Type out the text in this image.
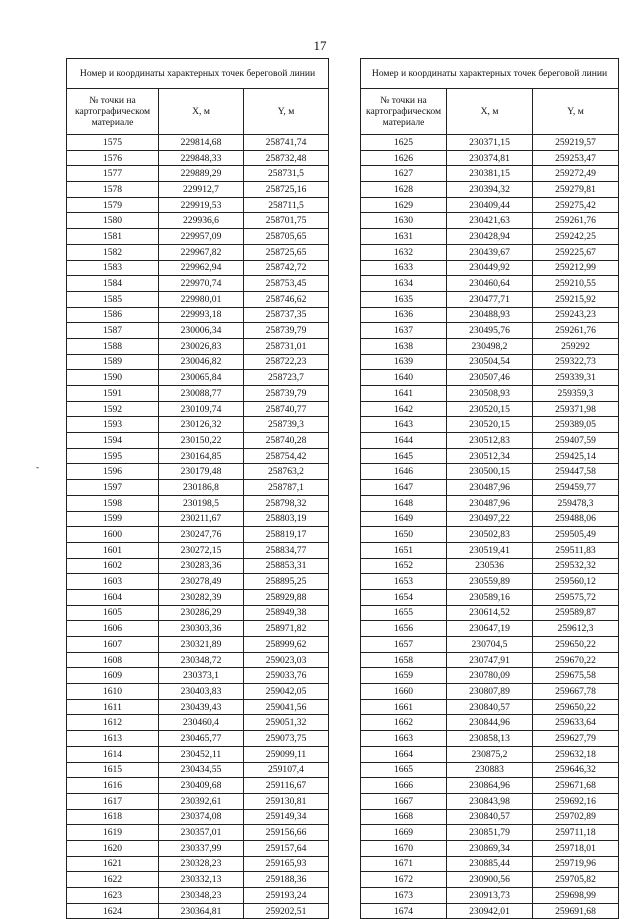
17
-
Номер и координаты характерных точек береговой линии		
№ точки на картографическом материале	X, м	Y, м
1575	229814,68	258741,74
1576	229848,33	258732,48
1577	229889,29	258731,5
1578	229912,7	258725,16
1579	229919,53	258711,5
1580	229936,6	258701,75
1581	229957,09	258705,65
1582	229967,82	258725,65
1583	229962,94	258742,72
1584	229970,74	258753,45
1585	229980,01	258746,62
1586	229993,18	258737,35
1587	230006,34	258739,79
1588	230026,83	258731,01
1589	230046,82	258722,23
1590	230065,84	258723,7
1591	230088,77	258739,79
1592	230109,74	258740,77
1593	230126,32	258739,3
1594	230150,22	258740,28
1595	230164,85	258754,42
1596	230179,48	258763,2
1597	230186,8	258787,1
1598	230198,5	258798,32
1599	230211,67	258803,19
1600	230247,76	258819,17
1601	230272,15	258834,77
1602	230283,36	258853,31
1603	230278,49	258895,25
1604	230282,39	258929,88
1605	230286,29	258949,38
1606	230303,36	258971,82
1607	230321,89	258999,62
1608	230348,72	259023,03
1609	230373,1	259033,76
1610	230403,83	259042,05
1611	230439,43	259041,56
1612	230460,4	259051,32
1613	230465,77	259073,75
1614	230452,11	259099,11
1615	230434,55	259107,4
1616	230409,68	259116,67
1617	230392,61	259130,81
1618	230374,08	259149,34
1619	230357,01	259156,66
1620	230337,99	259157,64
1621	230328,23	259165,93
1622	230332,13	259188,36
1623	230348,23	259193,24
1624	230364,81	259202,51
Номер и координаты характерных точек береговой линии		
№ точки на картографическом материале	X, м	Y, м
1625	230371,15	259219,57
1626	230374,81	259253,47
1627	230381,15	259272,49
1628	230394,32	259279,81
1629	230409,44	259275,42
1630	230421,63	259261,76
1631	230428,94	259242,25
1632	230439,67	259225,67
1633	230449,92	259212,99
1634	230460,64	259210,55
1635	230477,71	259215,92
1636	230488,93	259243,23
1637	230495,76	259261,76
1638	230498,2	259292
1639	230504,54	259322,73
1640	230507,46	259339,31
1641	230508,93	259359,3
1642	230520,15	259371,98
1643	230520,15	259389,05
1644	230512,83	259407,59
1645	230512,34	259425,14
1646	230500,15	259447,58
1647	230487,96	259459,77
1648	230487,96	259478,3
1649	230497,22	259488,06
1650	230502,83	259505,49
1651	230519,41	259511,83
1652	230536	259532,32
1653	230559,89	259560,12
1654	230589,16	259575,72
1655	230614,52	259589,87
1656	230647,19	259612,3
1657	230704,5	259650,22
1658	230747,91	259670,22
1659	230780,09	259675,58
1660	230807,89	259667,78
1661	230840,57	259650,22
1662	230844,96	259633,64
1663	230858,13	259627,79
1664	230875,2	259632,18
1665	230883	259646,32
1666	230864,96	259671,68
1667	230843,98	259692,16
1668	230840,57	259702,89
1669	230851,79	259711,18
1670	230869,34	259718,01
1671	230885,44	259719,96
1672	230900,56	259705,82
1673	230913,73	259698,99
1674	230942,01	259691,68
